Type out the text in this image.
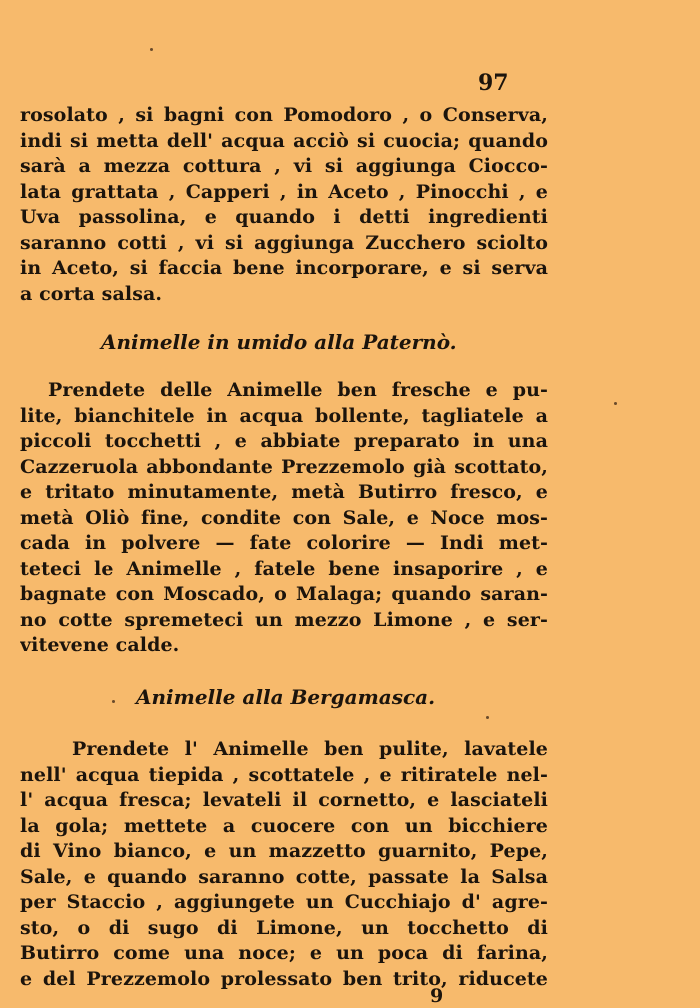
97

rosolato , si bagni con Pomodoro , o Conserva,
indi si metta dell' acqua acciò si cuocia; quando
sarà a mezza cottura , vi si aggiunga Ciocco-
lata grattata , Capperi , in Aceto , Pinocchi , e
Uva passolina, e quando i detti ingredienti
saranno cotti , vi si aggiunga Zucchero sciolto
in Aceto, si faccia bene incorporare, e si serva
a corta salsa.
Animelle in umido alla Paternò.
Prendete delle Animelle ben fresche e pu-
lite, bianchitele in acqua bollente, tagliatele a
piccoli tocchetti , e abbiate preparato in una
Cazzeruola abbondante Prezzemolo già scottato,
e tritato minutamente, metà Butirro fresco, e
metà Oliò fine, condite con Sale, e Noce mos-
cada in polvere — fate colorire — Indi met-
teteci le Animelle , fatele bene insaporire , e
bagnate con Moscado, o Malaga; quando saran-
no cotte spremeteci un mezzo Limone , e ser-
vitevene calde.
Animelle alla Bergamasca.
Prendete l' Animelle ben pulite, lavatele
nell' acqua tiepida , scottatele , e ritiratele nel-
l' acqua fresca; levateli il cornetto, e lasciateli
la gola; mettete a cuocere con un bicchiere
di Vino bianco, e un mazzetto guarnito, Pepe,
Sale, e quando saranno cotte, passate la Salsa
per Staccio , aggiungete un Cucchiajo d' agre-
sto, o di sugo di Limone, un tocchetto di
Butirro come una noce; e un poca di farina,
e del Prezzemolo prolessato ben trito, riducete

9
